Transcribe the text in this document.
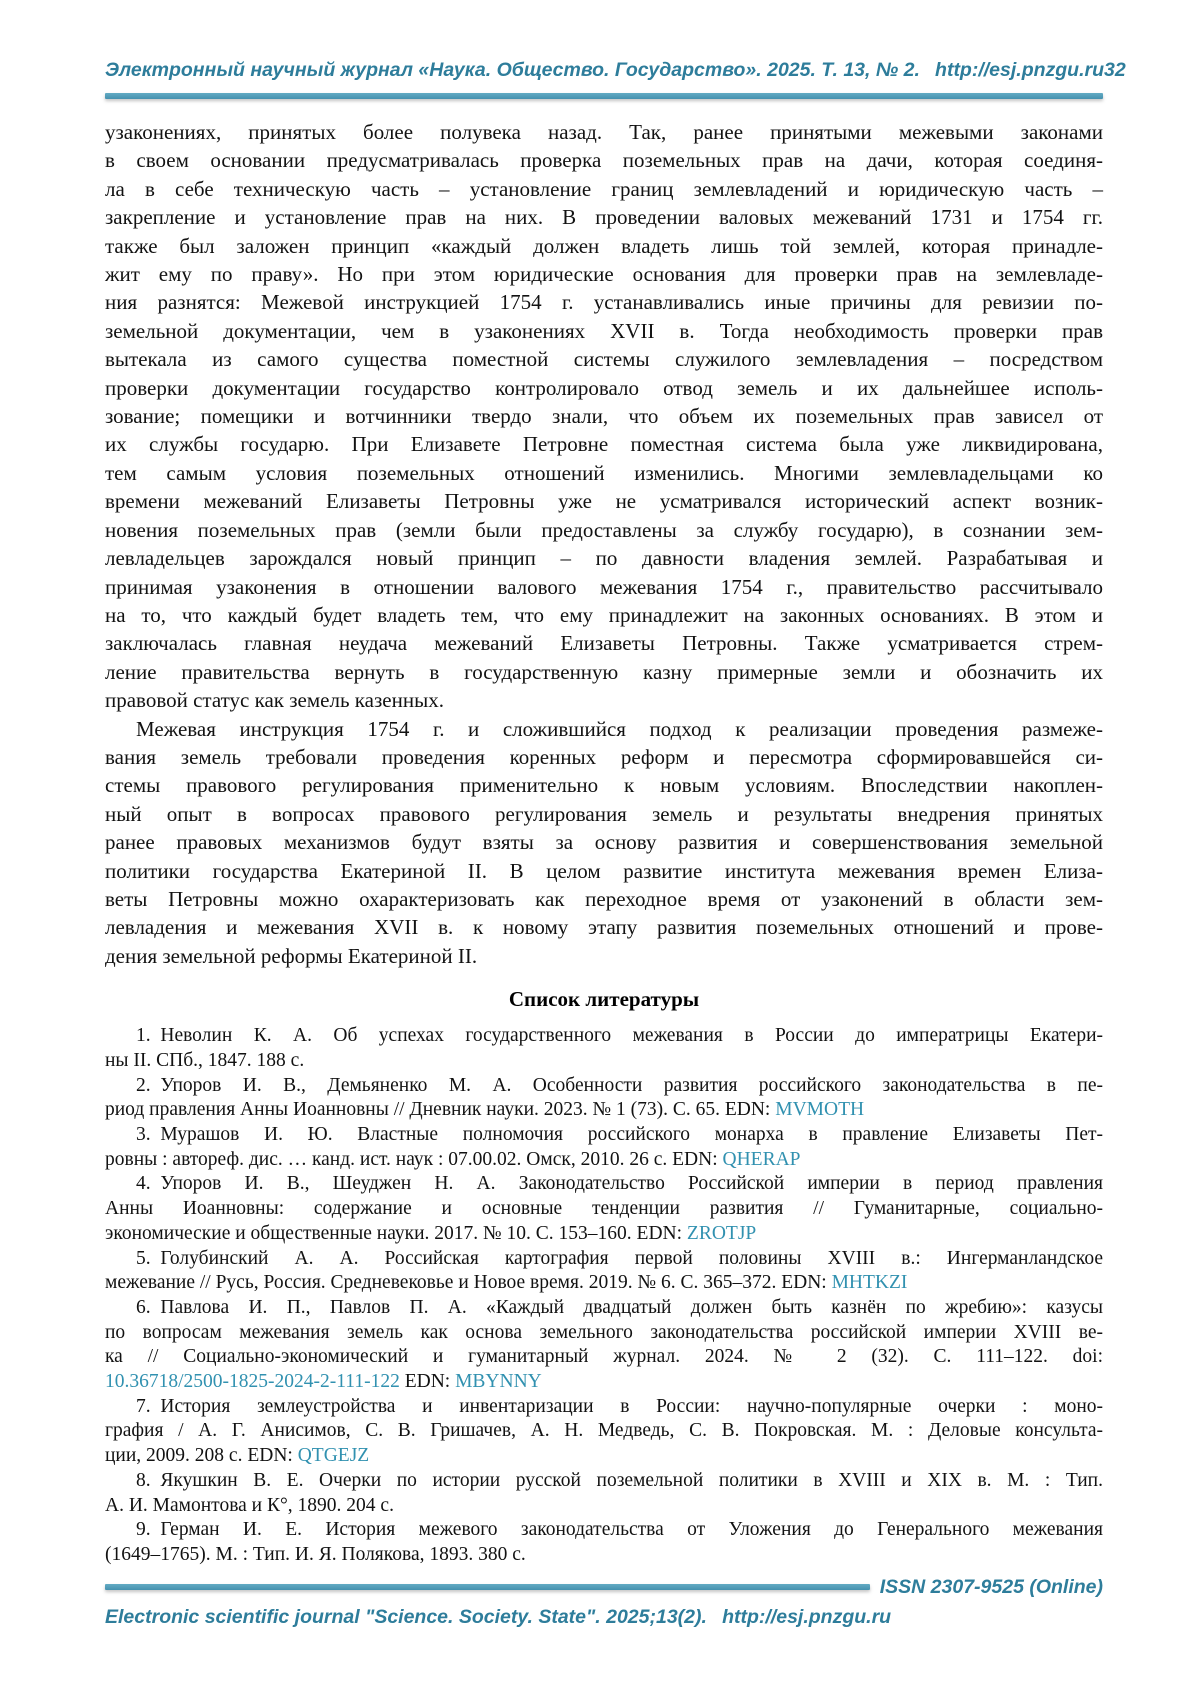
Электронный научный журнал «Наука. Общество. Государство». 2025. Т. 13, № 2.  http://esj.pnzgu.ru 32
узаконениях, принятых более полувека назад. Так, ранее принятыми межевыми законами
в своем основании предусматривалась проверка поземельных прав на дачи, которая соединя-
ла в себе техническую часть – установление границ землевладений и юридическую часть –
закрепление и установление прав на них. В проведении валовых межеваний 1731 и 1754 гг.
также был заложен принцип «каждый должен владеть лишь той землей, которая принадле-
жит ему по праву». Но при этом юридические основания для проверки прав на землевладе-
ния разнятся: Межевой инструкцией 1754 г. устанавливались иные причины для ревизии по-
земельной документации, чем в узаконениях XVII в. Тогда необходимость проверки прав
вытекала из самого существа поместной системы служилого землевладения – посредством
проверки документации государство контролировало отвод земель и их дальнейшее исполь-
зование; помещики и вотчинники твердо знали, что объем их поземельных прав зависел от
их службы государю. При Елизавете Петровне поместная система была уже ликвидирована,
тем самым условия поземельных отношений изменились. Многими землевладельцами ко
времени межеваний Елизаветы Петровны уже не усматривался исторический аспект возник-
новения поземельных прав (земли были предоставлены за службу государю), в сознании зем-
левладельцев зарождался новый принцип – по давности владения землей. Разрабатывая и
принимая узаконения в отношении валового межевания 1754 г., правительство рассчитывало
на то, что каждый будет владеть тем, что ему принадлежит на законных основаниях. В этом и
заключалась главная неудача межеваний Елизаветы Петровны. Также усматривается стрем-
ление правительства вернуть в государственную казну примерные земли и обозначить их
правовой статус как земель казенных.
Межевая инструкция 1754 г. и сложившийся подход к реализации проведения размеже-
вания земель требовали проведения коренных реформ и пересмотра сформировавшейся си-
стемы правового регулирования применительно к новым условиям. Впоследствии накоплен-
ный опыт в вопросах правового регулирования земель и результаты внедрения принятых
ранее правовых механизмов будут взяты за основу развития и совершенствования земельной
политики государства Екатериной II. В целом развитие института межевания времен Елиза-
веты Петровны можно охарактеризовать как переходное время от узаконений в области зем-
левладения и межевания XVII в. к новому этапу развития поземельных отношений и прове-
дения земельной реформы Екатериной II.
Список литературы
1. Неволин К. А. Об успехах государственного межевания в России до императрицы Екатери-
ны II. СПб., 1847. 188 с.
2. Упоров И. В., Демьяненко М. А. Особенности развития российского законодательства в пе-
риод правления Анны Иоанновны // Дневник науки. 2023. № 1 (73). С. 65. EDN: MVMOTH
3. Мурашов И. Ю. Властные полномочия российского монарха в правление Елизаветы Пет-
ровны : автореф. дис. … канд. ист. наук : 07.00.02. Омск, 2010. 26 с. EDN: QHERAP
4. Упоров И. В., Шеуджен Н. А. Законодательство Российской империи в период правления
Анны Иоанновны: содержание и основные тенденции развития // Гуманитарные, социально-
экономические и общественные науки. 2017. № 10. С. 153–160. EDN: ZROTJP
5. Голубинский А. А. Российская картография первой половины XVIII в.: Ингерманландское
межевание // Русь, Россия. Средневековье и Новое время. 2019. № 6. С. 365–372. EDN: MHTKZI
6. Павлова И. П., Павлов П. А. «Каждый двадцатый должен быть казнён по жребию»: казусы
по вопросам межевания земель как основа земельного законодательства российской империи XVIII ве-
ка // Социально-экономический и гуманитарный журнал. 2024. № 2 (32). С. 111–122. doi:
10.36718/2500-1825-2024-2-111-122 EDN: MBYNNY
7. История землеустройства и инвентаризации в России: научно-популярные очерки : моно-
графия / А. Г. Анисимов, С. В. Гришачев, А. Н. Медведь, С. В. Покровская. М. : Деловые консульта-
ции, 2009. 208 с. EDN: QTGEJZ
8. Якушкин В. Е. Очерки по истории русской поземельной политики в XVIII и XIX в. М. : Тип.
А. И. Мамонтова и К°, 1890. 204 с.
9. Герман И. Е. История межевого законодательства от Уложения до Генерального межевания
(1649–1765). М. : Тип. И. Я. Полякова, 1893. 380 с.
ISSN 2307-9525 (Online)
Electronic scientific journal "Science. Society. State". 2025;13(2).  http://esj.pnzgu.ru
